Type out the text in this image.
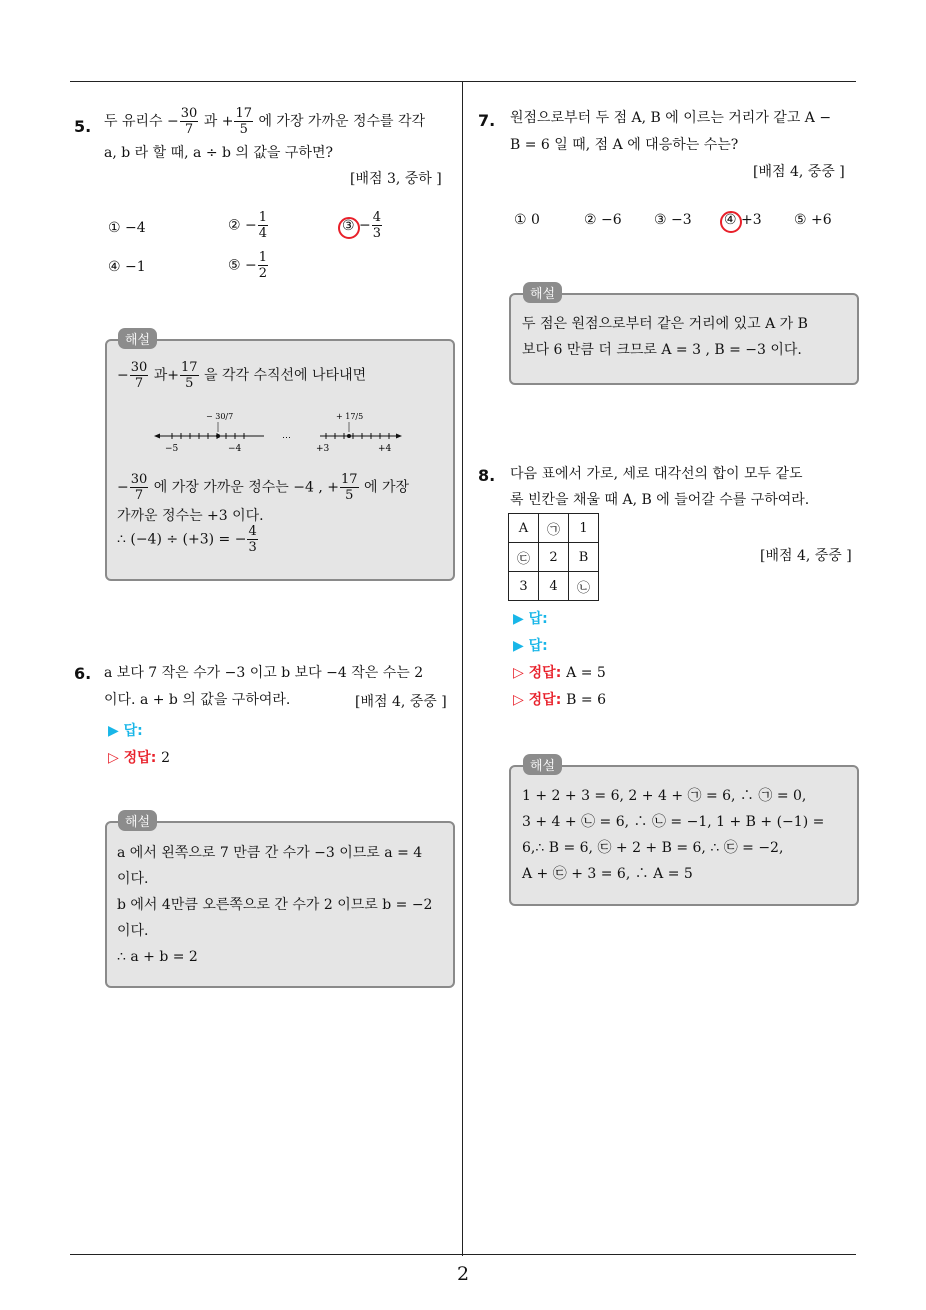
2
5. 두 유리수 − $\frac{30}{7}$ 과 + $\frac{17}{5}$ 에 가장 가까운 정수를 각각
a, b 라 할 때, a ÷ b 의 값을 구하면?
[배점 3, 중하 ]
① −4	② − $\frac{1}{4}$	③ − $\frac{4}{3}$
④ −1	⑤ − $\frac{1}{2}$
해설
− $\frac{30}{7}$ 과+ $\frac{17}{5}$ 을 각각 수직선에 나타내면
− 30/7	+ 17/5
⋯
−5	−4	+3	+4
− $\frac{30}{7}$ 에 가장 가까운 정수는 −4 , + $\frac{17}{5}$ 에 가장
가까운 정수는 +3 이다.
∴ (−4) ÷ (+3) = − $\frac{4}{3}$
6. a 보다 7 작은 수가 −3 이고 b 보다 −4 작은 수는 2
이다. a + b 의 값을 구하여라.	[배점 4, 중중 ]
▶ 답:
▷ 정답: 2
해설
a 에서 왼쪽으로 7 만큼 간 수가 −3 이므로 a = 4
이다.
b 에서 4만큼 오른쪽으로 간 수가 2 이므로 b = −2
이다.
∴ a + b = 2
7. 원점으로부터 두 점 A, B 에 이르는 거리가 같고 A −
B = 6 일 때, 점 A 에 대응하는 수는?
[배점 4, 중중 ]
① 0	② −6 ③ −3 ④ +3 ⑤ +6
해설
두 점은 원점으로부터 같은 거리에 있고 A 가 B
보다 6 만큼 더 크므로 A = 3 , B = −3 이다.
8. 다음 표에서 가로, 세로 대각선의 합이 모두 같도
록 빈칸을 채울 때 A, B 에 들어갈 수를 구하여라.
A	㉠	1
㉢	2	B
3	4	㉡
[배점 4, 중중 ]
▶ 답:
▶ 답:
▷ 정답: A = 5
▷ 정답: B = 6
해설
1 + 2 + 3 = 6, 2 + 4 + ㉠ = 6, ∴ ㉠ = 0,
3 + 4 + ㉡ = 6, ∴ ㉡ = −1, 1 + B + (−1) =
6,∴ B = 6, ㉢ + 2 + B = 6, ∴ ㉢ = −2,
A + ㉢ + 3 = 6, ∴ A = 5
